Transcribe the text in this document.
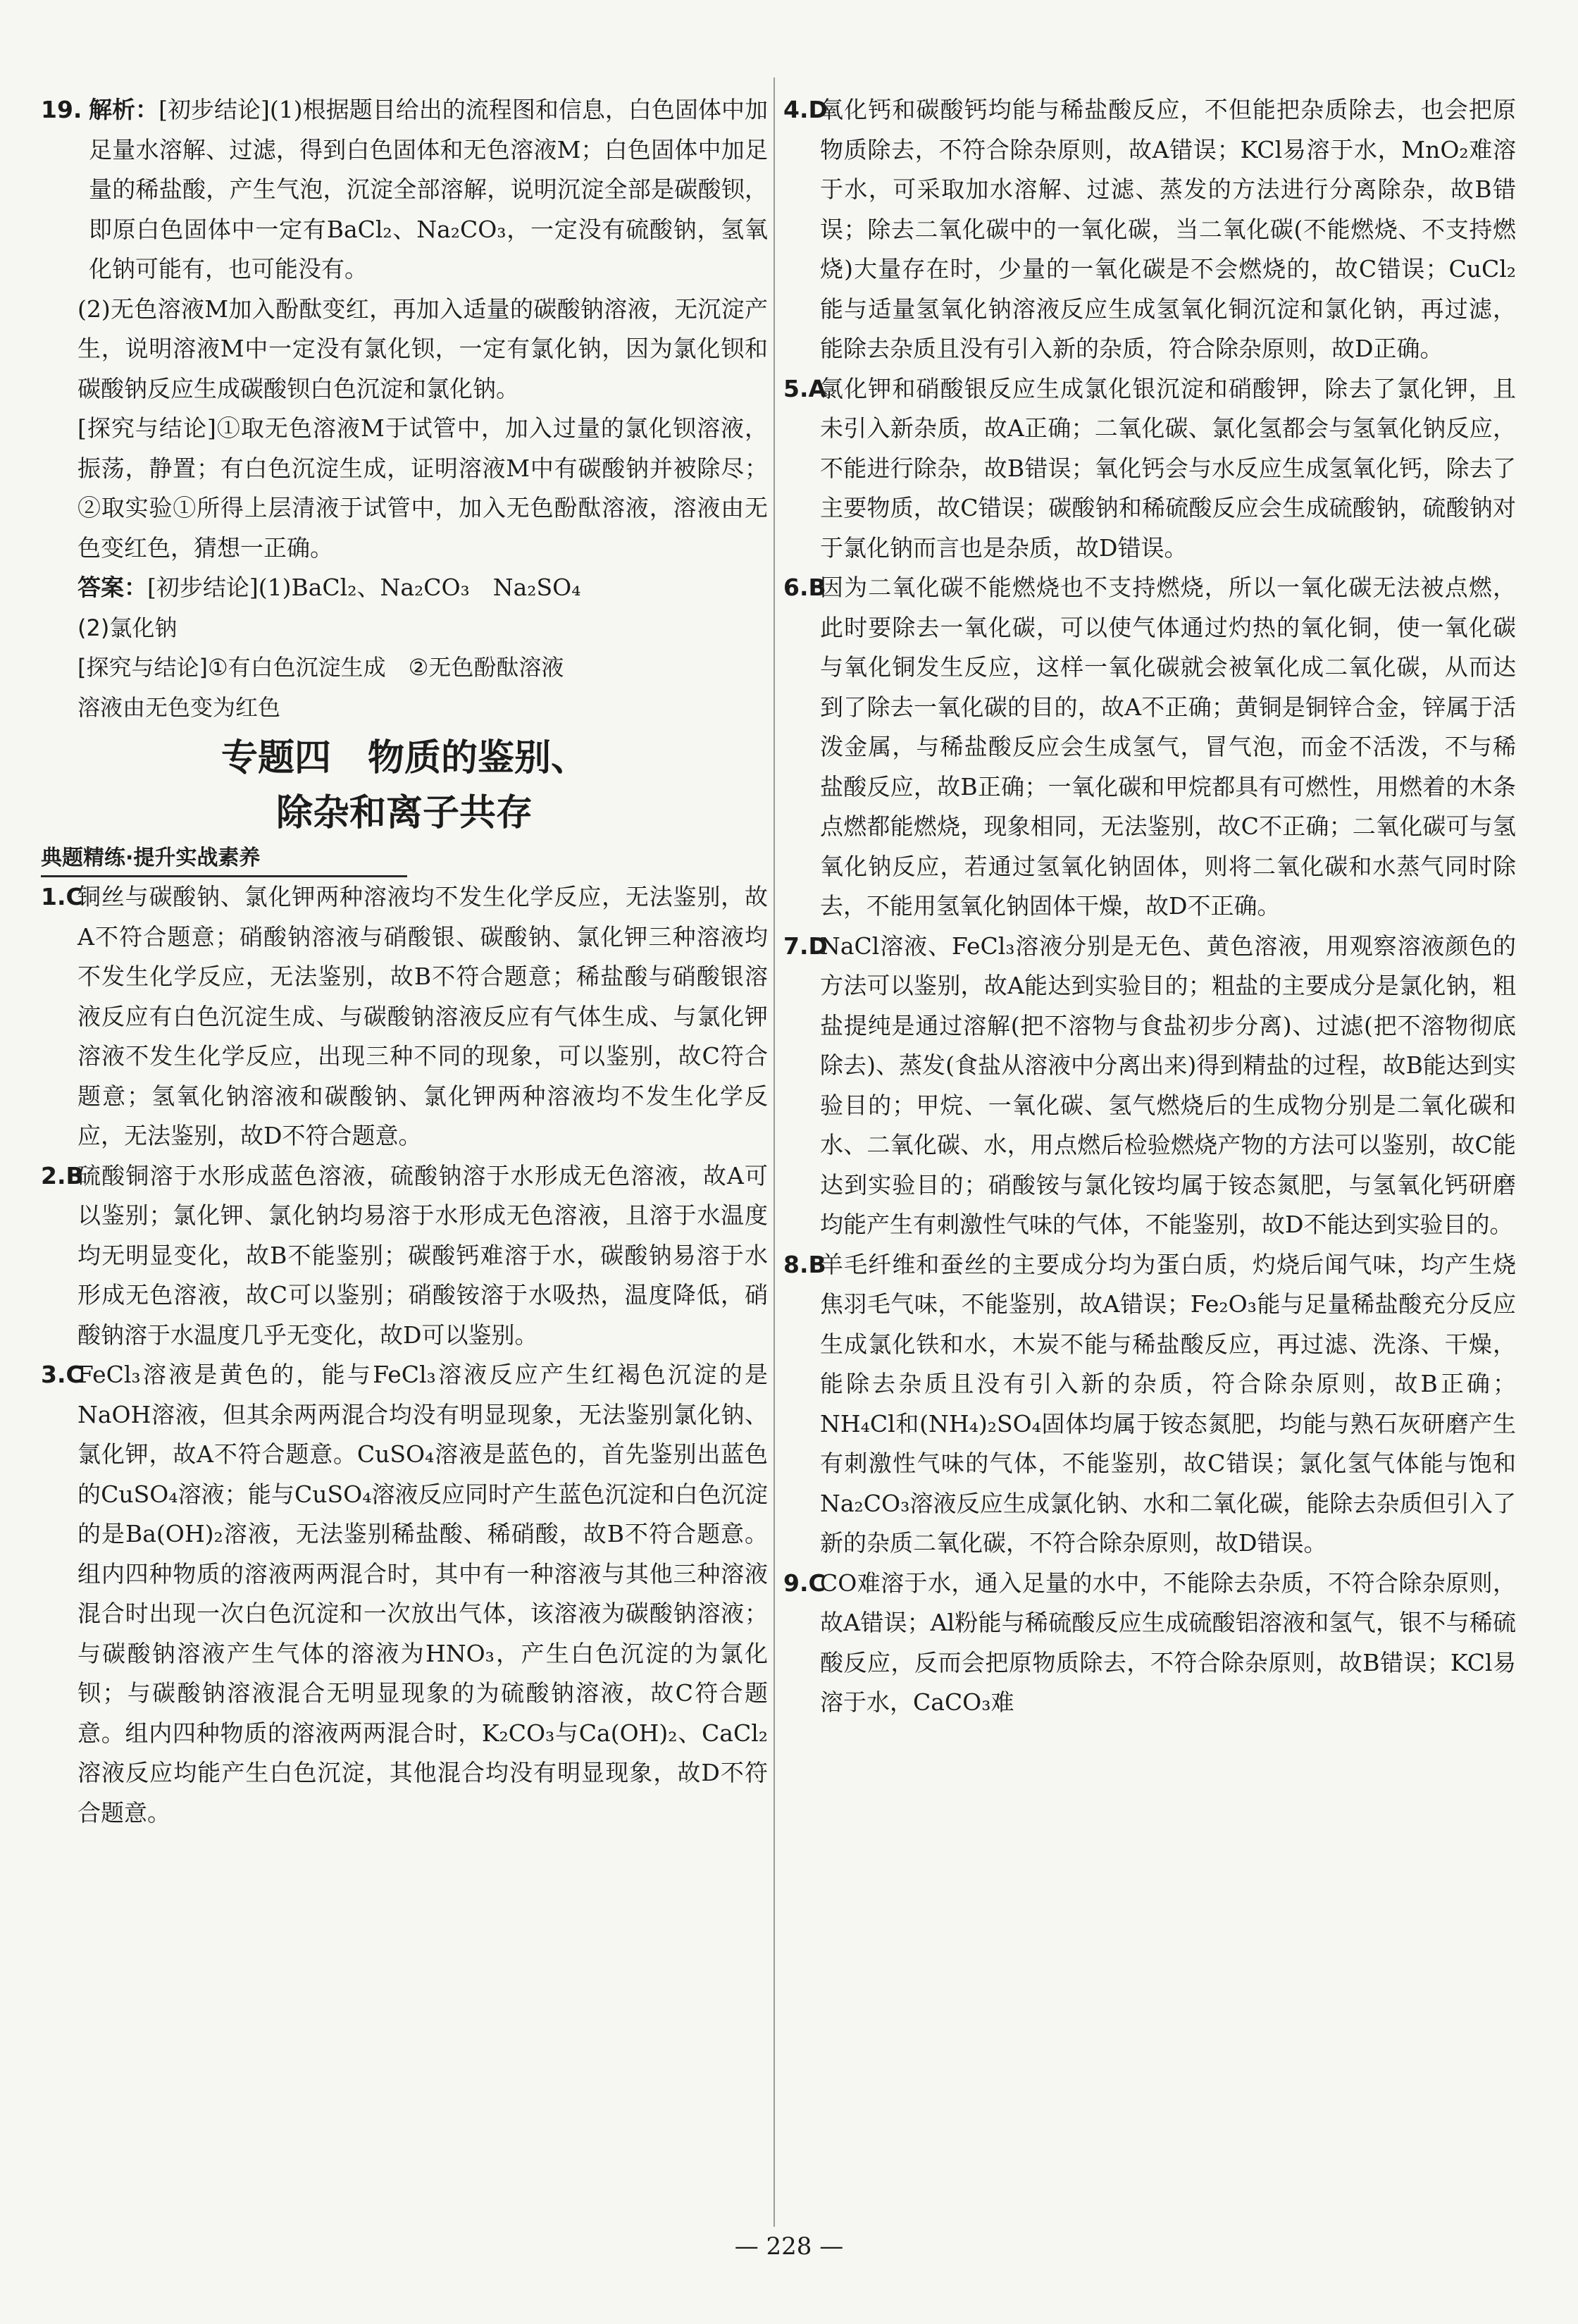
19. 解析：[初步结论](1)根据题目给出的流程图和信息，白色固体中加足量水溶解、过滤，得到白色固体和无色溶液M；白色固体中加足量的稀盐酸，产生气泡，沉淀全部溶解，说明沉淀全部是碳酸钡，即原白色固体中一定有BaCl₂、Na₂CO₃，一定没有硫酸钠，氢氧化钠可能有，也可能没有。

(2)无色溶液M加入酚酞变红，再加入适量的碳酸钠溶液，无沉淀产生，说明溶液M中一定没有氯化钡，一定有氯化钠，因为氯化钡和碳酸钠反应生成碳酸钡白色沉淀和氯化钠。

[探究与结论]①取无色溶液M于试管中，加入过量的氯化钡溶液，振荡，静置；有白色沉淀生成，证明溶液M中有碳酸钠并被除尽；②取实验①所得上层清液于试管中，加入无色酚酞溶液，溶液由无色变红色，猜想一正确。

答案：[初步结论](1)BaCl₂、Na₂CO₃　Na₂SO₄

(2)氯化钠

[探究与结论]①有白色沉淀生成　②无色酚酞溶液

溶液由无色变为红色

专题四　物质的鉴别、
除杂和离子共存
典题精练·提升实战素养
1.C
铜丝与碳酸钠、氯化钾两种溶液均不发生化学反应，无法鉴别，故A不符合题意；硝酸钠溶液与硝酸银、碳酸钠、氯化钾三种溶液均不发生化学反应，无法鉴别，故B不符合题意；稀盐酸与硝酸银溶液反应有白色沉淀生成、与碳酸钠溶液反应有气体生成、与氯化钾溶液不发生化学反应，出现三种不同的现象，可以鉴别，故C符合题意；氢氧化钠溶液和碳酸钠、氯化钾两种溶液均不发生化学反应，无法鉴别，故D不符合题意。
2.B
硫酸铜溶于水形成蓝色溶液，硫酸钠溶于水形成无色溶液，故A可以鉴别；氯化钾、氯化钠均易溶于水形成无色溶液，且溶于水温度均无明显变化，故B不能鉴别；碳酸钙难溶于水，碳酸钠易溶于水形成无色溶液，故C可以鉴别；硝酸铵溶于水吸热，温度降低，硝酸钠溶于水温度几乎无变化，故D可以鉴别。
3.C
FeCl₃溶液是黄色的，能与FeCl₃溶液反应产生红褐色沉淀的是NaOH溶液，但其余两两混合均没有明显现象，无法鉴别氯化钠、氯化钾，故A不符合题意。CuSO₄溶液是蓝色的，首先鉴别出蓝色的CuSO₄溶液；能与CuSO₄溶液反应同时产生蓝色沉淀和白色沉淀的是Ba(OH)₂溶液，无法鉴别稀盐酸、稀硝酸，故B不符合题意。组内四种物质的溶液两两混合时，其中有一种溶液与其他三种溶液混合时出现一次白色沉淀和一次放出气体，该溶液为碳酸钠溶液；与碳酸钠溶液产生气体的溶液为HNO₃，产生白色沉淀的为氯化钡；与碳酸钠溶液混合无明显现象的为硫酸钠溶液，故C符合题意。组内四种物质的溶液两两混合时，K₂CO₃与Ca(OH)₂、CaCl₂溶液反应均能产生白色沉淀，其他混合均没有明显现象，故D不符合题意。
4.D
氧化钙和碳酸钙均能与稀盐酸反应，不但能把杂质除去，也会把原物质除去，不符合除杂原则，故A错误；KCl易溶于水，MnO₂难溶于水，可采取加水溶解、过滤、蒸发的方法进行分离除杂，故B错误；除去二氧化碳中的一氧化碳，当二氧化碳(不能燃烧、不支持燃烧)大量存在时，少量的一氧化碳是不会燃烧的，故C错误；CuCl₂能与适量氢氧化钠溶液反应生成氢氧化铜沉淀和氯化钠，再过滤，能除去杂质且没有引入新的杂质，符合除杂原则，故D正确。
5.A
氯化钾和硝酸银反应生成氯化银沉淀和硝酸钾，除去了氯化钾，且未引入新杂质，故A正确；二氧化碳、氯化氢都会与氢氧化钠反应，不能进行除杂，故B错误；氧化钙会与水反应生成氢氧化钙，除去了主要物质，故C错误；碳酸钠和稀硫酸反应会生成硫酸钠，硫酸钠对于氯化钠而言也是杂质，故D错误。
6.B
因为二氧化碳不能燃烧也不支持燃烧，所以一氧化碳无法被点燃，此时要除去一氧化碳，可以使气体通过灼热的氧化铜，使一氧化碳与氧化铜发生反应，这样一氧化碳就会被氧化成二氧化碳，从而达到了除去一氧化碳的目的，故A不正确；黄铜是铜锌合金，锌属于活泼金属，与稀盐酸反应会生成氢气，冒气泡，而金不活泼，不与稀盐酸反应，故B正确；一氧化碳和甲烷都具有可燃性，用燃着的木条点燃都能燃烧，现象相同，无法鉴别，故C不正确；二氧化碳可与氢氧化钠反应，若通过氢氧化钠固体，则将二氧化碳和水蒸气同时除去，不能用氢氧化钠固体干燥，故D不正确。
7.D
NaCl溶液、FeCl₃溶液分别是无色、黄色溶液，用观察溶液颜色的方法可以鉴别，故A能达到实验目的；粗盐的主要成分是氯化钠，粗盐提纯是通过溶解(把不溶物与食盐初步分离)、过滤(把不溶物彻底除去)、蒸发(食盐从溶液中分离出来)得到精盐的过程，故B能达到实验目的；甲烷、一氧化碳、氢气燃烧后的生成物分别是二氧化碳和水、二氧化碳、水，用点燃后检验燃烧产物的方法可以鉴别，故C能达到实验目的；硝酸铵与氯化铵均属于铵态氮肥，与氢氧化钙研磨均能产生有刺激性气味的气体，不能鉴别，故D不能达到实验目的。
8.B
羊毛纤维和蚕丝的主要成分均为蛋白质，灼烧后闻气味，均产生烧焦羽毛气味，不能鉴别，故A错误；Fe₂O₃能与足量稀盐酸充分反应生成氯化铁和水，木炭不能与稀盐酸反应，再过滤、洗涤、干燥，能除去杂质且没有引入新的杂质，符合除杂原则，故B正确；NH₄Cl和(NH₄)₂SO₄固体均属于铵态氮肥，均能与熟石灰研磨产生有刺激性气味的气体，不能鉴别，故C错误；氯化氢气体能与饱和Na₂CO₃溶液反应生成氯化钠、水和二氧化碳，能除去杂质但引入了新的杂质二氧化碳，不符合除杂原则，故D错误。
9.C
CO难溶于水，通入足量的水中，不能除去杂质，不符合除杂原则，故A错误；Al粉能与稀硫酸反应生成硫酸铝溶液和氢气，银不与稀硫酸反应，反而会把原物质除去，不符合除杂原则，故B错误；KCl易溶于水，CaCO₃难
— 228 —
